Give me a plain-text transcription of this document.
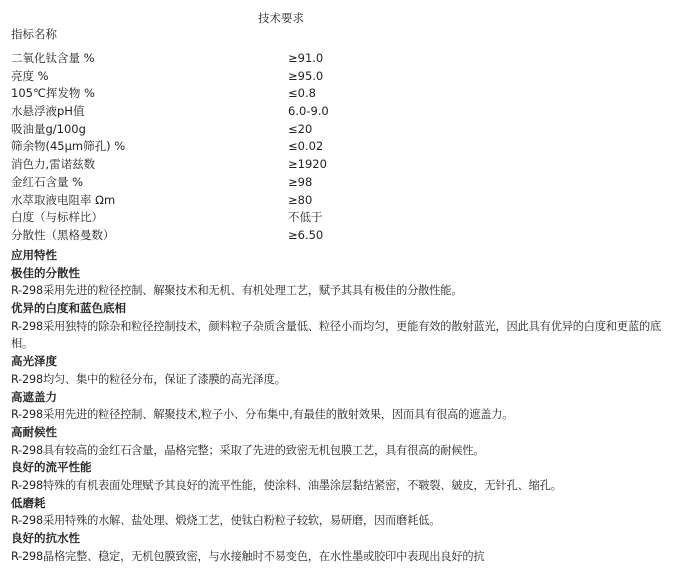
技术要求
指标名称
二氧化钛含量 %	≥91.0
亮度 %	≥95.0
105℃挥发物 %	≤0.8
水悬浮液pH值	6.0-9.0
吸油量g/100g	≤20
筛余物(45μm筛孔) %	≤0.02
消色力,雷诺兹数	≥1920
金红石含量 %	≥98
水萃取液电阻率 Ωm	≥80
白度（与标样比）	不低于
分散性（黑格曼数）	≥6.50

应用特性

极佳的分散性

R-298采用先进的粒径控制、解聚技术和无机、有机处理工艺，赋予其具有极佳的分散性能。

优异的白度和蓝色底相

R-298采用独特的除杂和粒径控制技术，颜料粒子杂质含量低、粒径小而均匀，更能有效的散射蓝光，因此具有优异的白度和更蓝的底相。

高光泽度

R-298均匀、集中的粒径分布，保证了漆膜的高光泽度。

高遮盖力

R-298采用先进的粒径控制、解聚技术,粒子小、分布集中,有最佳的散射效果，因而具有很高的遮盖力。

高耐候性

R-298具有较高的金红石含量，晶格完整；采取了先进的致密无机包膜工艺，具有很高的耐候性。

良好的流平性能

R-298特殊的有机表面处理赋予其良好的流平性能，使涂料、油墨涂层黏结紧密，不皲裂、皴皮，无针孔、缩孔。

低磨耗

R-298采用特殊的水解、盐处理、煅烧工艺，使钛白粉粒子较软，易研磨，因而磨耗低。

良好的抗水性

R-298晶格完整、稳定，无机包膜致密，与水接触时不易变色，在水性墨或胶印中表现出良好的抗
